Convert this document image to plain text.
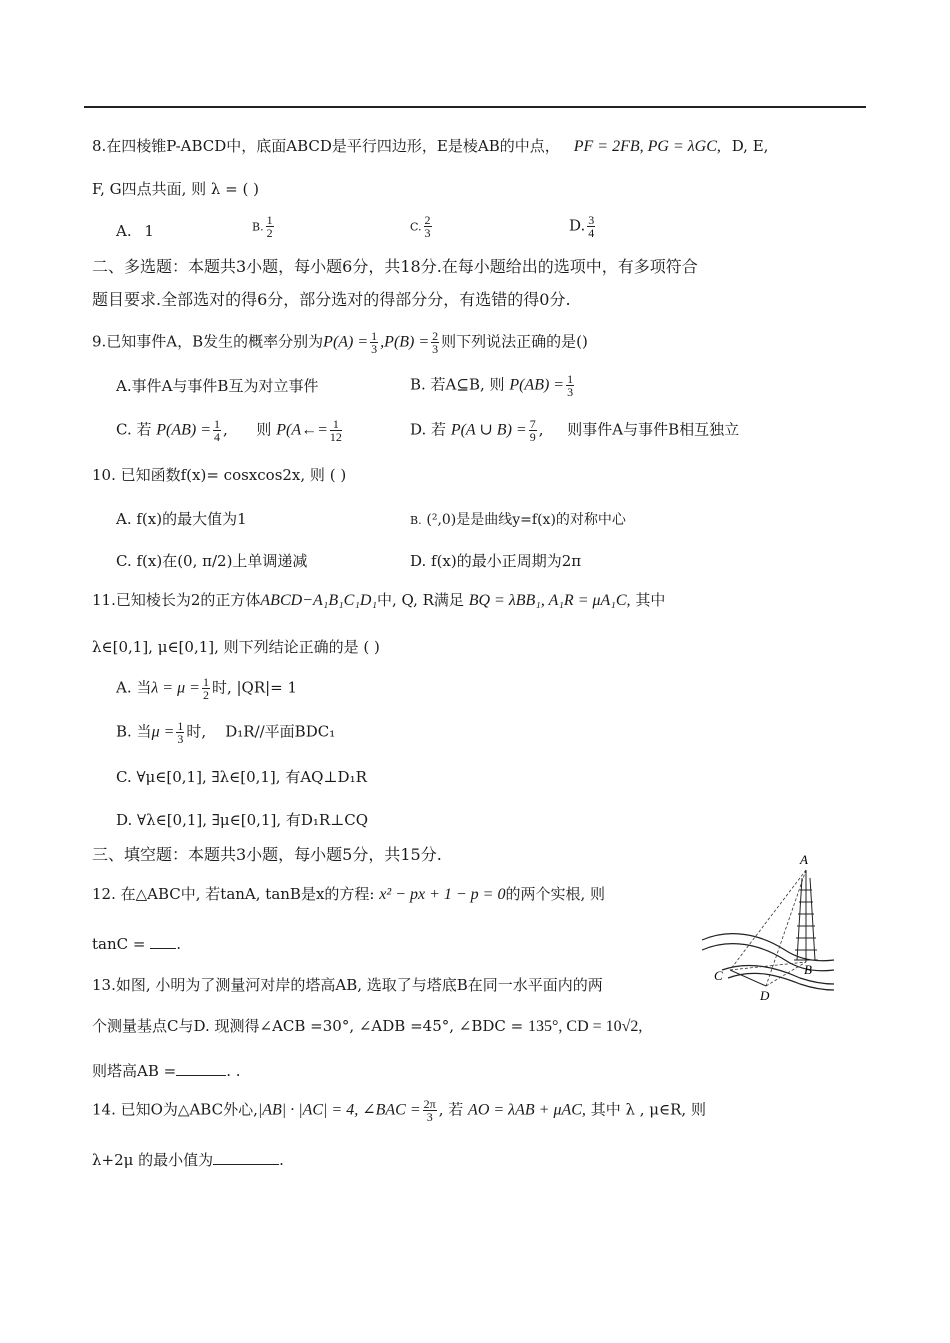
8.在四棱锥P-ABCD中，底面ABCD是平行四边形，E是棱AB的中点， PF = 2FB, PG = λGC, D, E,
F, G四点共面, 则 λ = ( )
A. 1	B. $\frac{1}{2}$	C. $\frac{2}{3}$	D. $\frac{3}{4}$
二、多选题：本题共3小题，每小题6分，共18分.在每小题给出的选项中，有多项符合
题目要求.全部选对的得6分，部分选对的得部分分，有选错的得0分.
9.已知事件A，B发生的概率分别为$P(A) = \frac{1}{3} ,P(B) = \frac{2}{3}$ 则下列说法正确的是()
A.事件A与事件B互为对立事件	B. 若A⊆B, 则 $P(AB) = \frac{1}{3}$
C. 若 $P(AB) = \frac{1}{4}$ ,      则 P(A←= $\frac{1}{12}$	D. 若 P(A ∪ $B) = \frac{7}{9}$ ,     则事件A与事件B相互独立
10. 已知函数f(x)= cosxcos2x, 则 ( )
A. f(x)的最大值为1	B. (²,0)是是曲线y=f(x)的对称中心
C. f(x)在(0, π/2)上单调递减	D. f(x)的最小正周期为2π
11.已知棱长为2的正方体ABCD−A₁B₁C₁D₁中, Q, R满足 BQ = λBB₁, A₁R = μA₁C, 其中
λ∈[0,1], μ∈[0,1], 则下列结论正确的是 ( )
A. 当$\lambda = \mu = \frac{1}{2}$ 时, |QR|= 1
B. 当$\mu = \frac{1}{3}$ 时,    D₁R//平面BDC₁
C. ∀μ∈[0,1], ∃λ∈[0,1], 有AQ⊥D₁R
D. ∀λ∈[0,1], ∃μ∈[0,1], 有D₁R⊥CQ
三、填空题：本题共3小题，每小题5分，共15分.
12. 在△ABC中, 若tanA, tanB是x的方程: x² − px + 1 − p = 0的两个实根, 则
tanC = .
13.如图, 小明为了测量河对岸的塔高AB, 选取了与塔底B在同一水平面内的两
个测量基点C与D. 现测得∠ACB =30°, ∠ADB =45°, ∠BDC = 135°, CD = 10√2,
则塔高AB =	. .
14. 已知O为△ABC外心,|AB| · |AC| = 4, ∠BAC = $\frac{2\pi}{3}$ , 若 AO = λAB + μAC, 其中 λ , μ∈R, 则
λ+2μ 的最小值为	.
A
B
C
D
